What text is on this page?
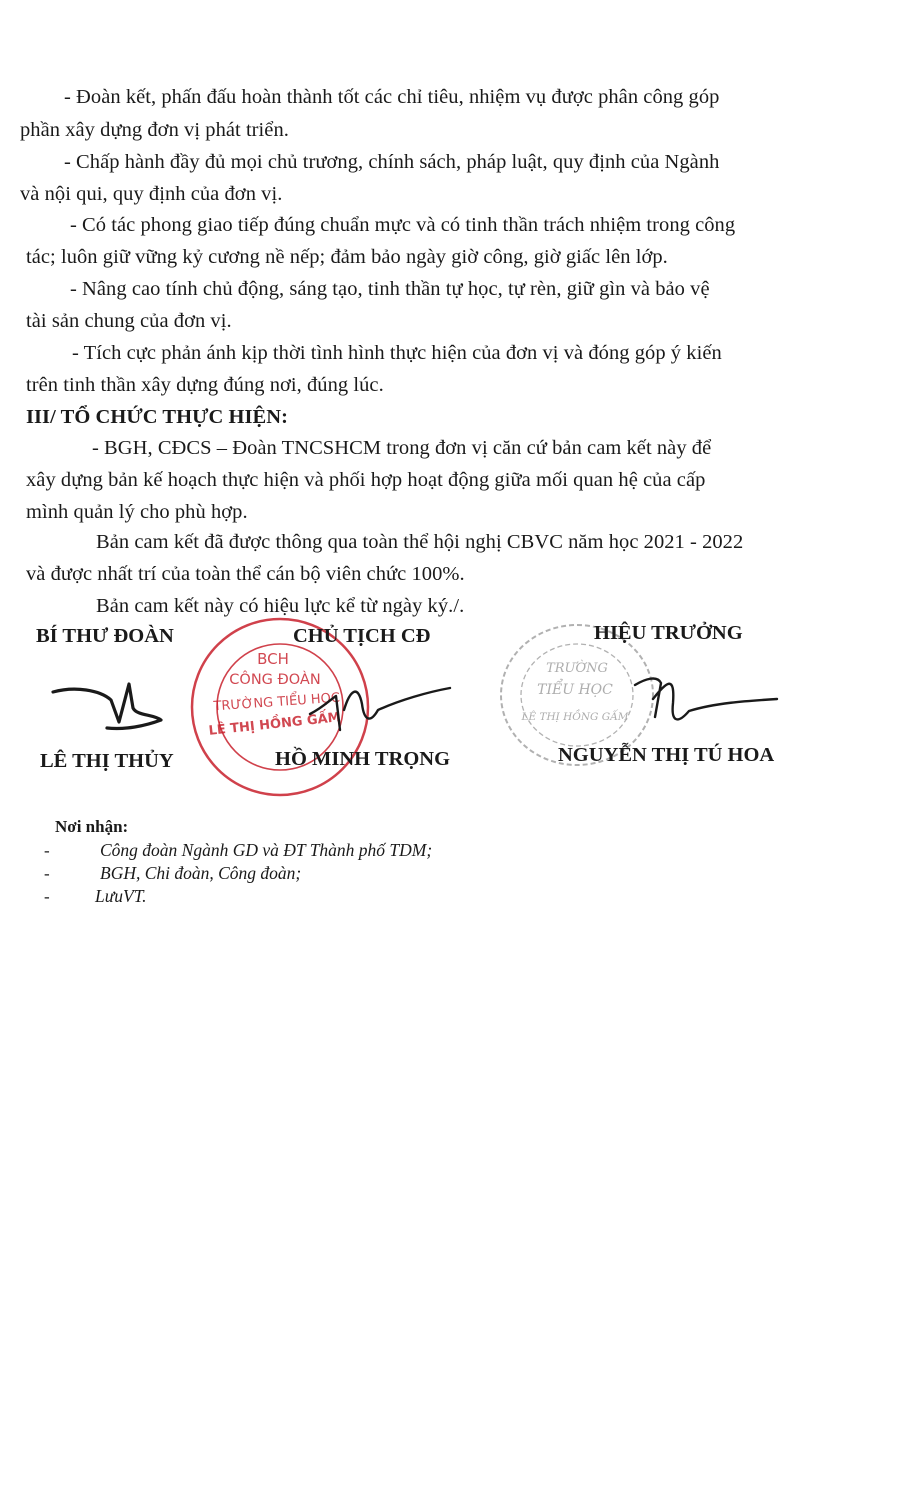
- Đoàn kết, phấn đấu hoàn thành tốt các chỉ tiêu, nhiệm vụ được phân công góp
phần xây dựng đơn vị phát triển.
- Chấp hành đầy đủ mọi chủ trương, chính sách, pháp luật, quy định của Ngành
và nội qui, quy định của đơn vị.
- Có tác phong giao tiếp đúng chuẩn mực và có tinh thần trách nhiệm trong công
tác; luôn giữ vững kỷ cương nề nếp; đảm bảo ngày giờ công, giờ giấc lên lớp.
- Nâng cao tính chủ động, sáng tạo, tinh thần tự học, tự rèn, giữ gìn và bảo vệ
tài sản chung của đơn vị.
- Tích cực phản ánh kịp thời tình hình thực hiện của đơn vị và đóng góp ý kiến
trên tinh thần xây dựng đúng nơi, đúng lúc.
III/ TỔ CHỨC THỰC HIỆN:
- BGH, CĐCS – Đoàn TNCSHCM trong đơn vị căn cứ bản cam kết này để
xây dựng bản kế hoạch thực hiện và phối hợp hoạt động giữa mối quan hệ của cấp
mình quản lý cho phù hợp.
Bản cam kết đã được thông qua toàn thể hội nghị CBVC năm học 2021 - 2022
và được nhất trí của toàn thể cán bộ viên chức 100%.
Bản cam kết này có hiệu lực kể từ ngày ký./.
BCH
CÔNG ĐOÀN
TRƯỜNG TIỂU HỌC
LÊ THỊ HỒNG GẤM
TRƯỜNG
TIỂU HỌC
LÊ THỊ HỒNG GẤM
BÍ THƯ ĐOÀN	CHỦ TỊCH CĐ	HIỆU TRƯỞNG
LÊ THỊ THỦY	HỒ MINH TRỌNG	NGUYỄN THỊ TÚ HOA
Nơi nhận:
-	Công đoàn Ngành GD và ĐT Thành phố TDM;
-	BGH, Chi đoàn, Công đoàn;
-	LưuVT.
